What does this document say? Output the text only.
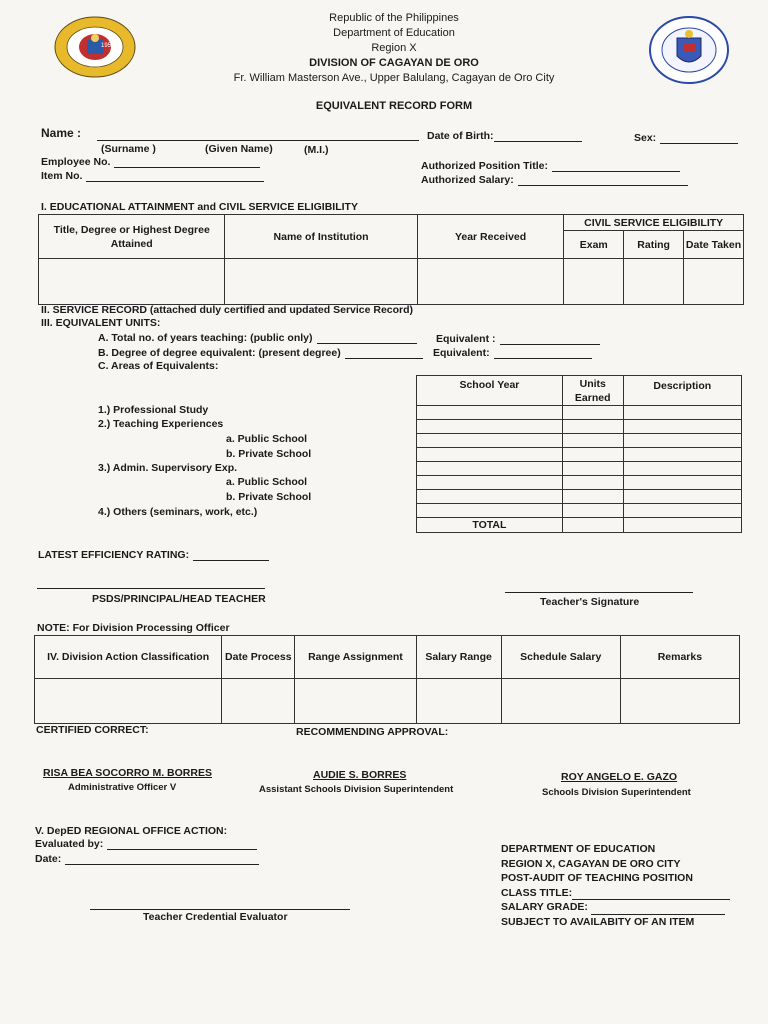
1953
Republic of the Philippines
Department of Education
Region X
DIVISION OF CAGAYAN DE ORO
Fr. William Masterson Ave., Upper Balulang, Cagayan de Oro City
EQUIVALENT RECORD FORM
Name :
(Surname )	(Given Name)	(M.I.)
Date of Birth:	Sex:
Employee No.
Item No.
Authorized Position Title:
Authorized Salary:
I. EDUCATIONAL ATTAINMENT and CIVIL SERVICE ELIGIBILITY
Title, Degree or Highest Degree Attained	Name of Institution	Year Received	CIVIL SERVICE ELIGIBILITY		
			Exam	Rating	Date Taken

II. SERVICE RECORD (attached duly certified and updated Service Record)
III. EQUIVALENT UNITS:
A. Total no. of years teaching: (public only)
B. Degree of degree equivalent: (present degree)
Equivalent :
Equivalent:
C. Areas of Equivalents:
1.) Professional Study
2.) Teaching Experiences
a. Public School
b. Private School
3.) Admin. Supervisory Exp.
a. Public School
b. Private School
4.) Others (seminars, work, etc.)
School Year	Units Earned	Description

TOTAL		
LATEST EFFICIENCY RATING:
PSDS/PRINCIPAL/HEAD TEACHER	Teacher's Signature
NOTE: For Division Processing Officer
IV. Division Action Classification	Date Process	Range Assignment	Salary Range	Schedule Salary	Remarks

CERTIFIED CORRECT:	RECOMMENDING APPROVAL:
RISA BEA SOCORRO M. BORRES
Administrative Officer V
AUDIE S. BORRES
Assistant Schools Division Superintendent
ROY ANGELO E. GAZO
Schools Division Superintendent
V. DepED REGIONAL OFFICE ACTION:
Evaluated by:
Date:
Teacher Credential Evaluator
DEPARTMENT OF EDUCATION
REGION X, CAGAYAN DE ORO CITY
POST-AUDIT OF TEACHING POSITION
CLASS TITLE:
SALARY GRADE:
SUBJECT TO AVAILABITY OF AN ITEM
